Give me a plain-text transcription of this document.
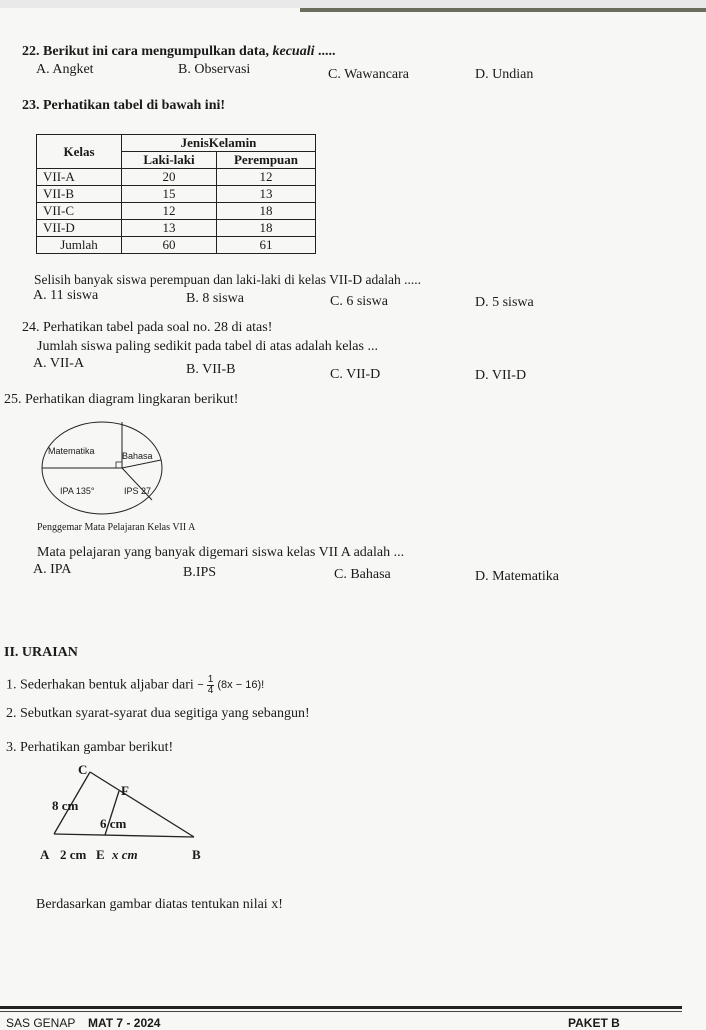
22. Berikut ini cara mengumpulkan data, kecuali .....
A. Angket	B. Observasi	C. Wawancara	D. Undian
23. Perhatikan tabel di bawah ini!
Kelas	JenisKelamin	
	Laki-laki	Perempuan
VII-A	20	12
VII-B	15	13
VII-C	12	18
VII-D	13	18
Jumlah	60	61
Selisih banyak siswa perempuan dan laki-laki di kelas VII-D adalah .....
A. 11 siswa	B. 8 siswa	C. 6 siswa	D. 5 siswa
24. Perhatikan tabel pada soal no. 28 di atas!
Jumlah siswa paling sedikit pada tabel di atas adalah kelas ...
A. VII-A	B. VII-B	C. VII-D	D. VII-D
25. Perhatikan diagram lingkaran berikut!
Matematika	Bahasa
IPA 135°	IPS 27
Penggemar Mata Pelajaran Kelas VII A
Mata pelajaran yang banyak digemari siswa kelas VII A adalah ...
A. IPA	B.IPS	C. Bahasa	D. Matematika
II. URAIAN
1. Sederhakan bentuk aljabar dari − $\frac{1}{4} (8x - 16)$!
2. Sebutkan syarat-syarat dua segitiga yang sebangun!
3. Perhatikan gambar berikut!
C
F
8 cm
6 cm
A 2 cm E x cm	B
Berdasarkan gambar diatas tentukan nilai x!
SAS GENAP MAT 7 - 2024	PAKET B
